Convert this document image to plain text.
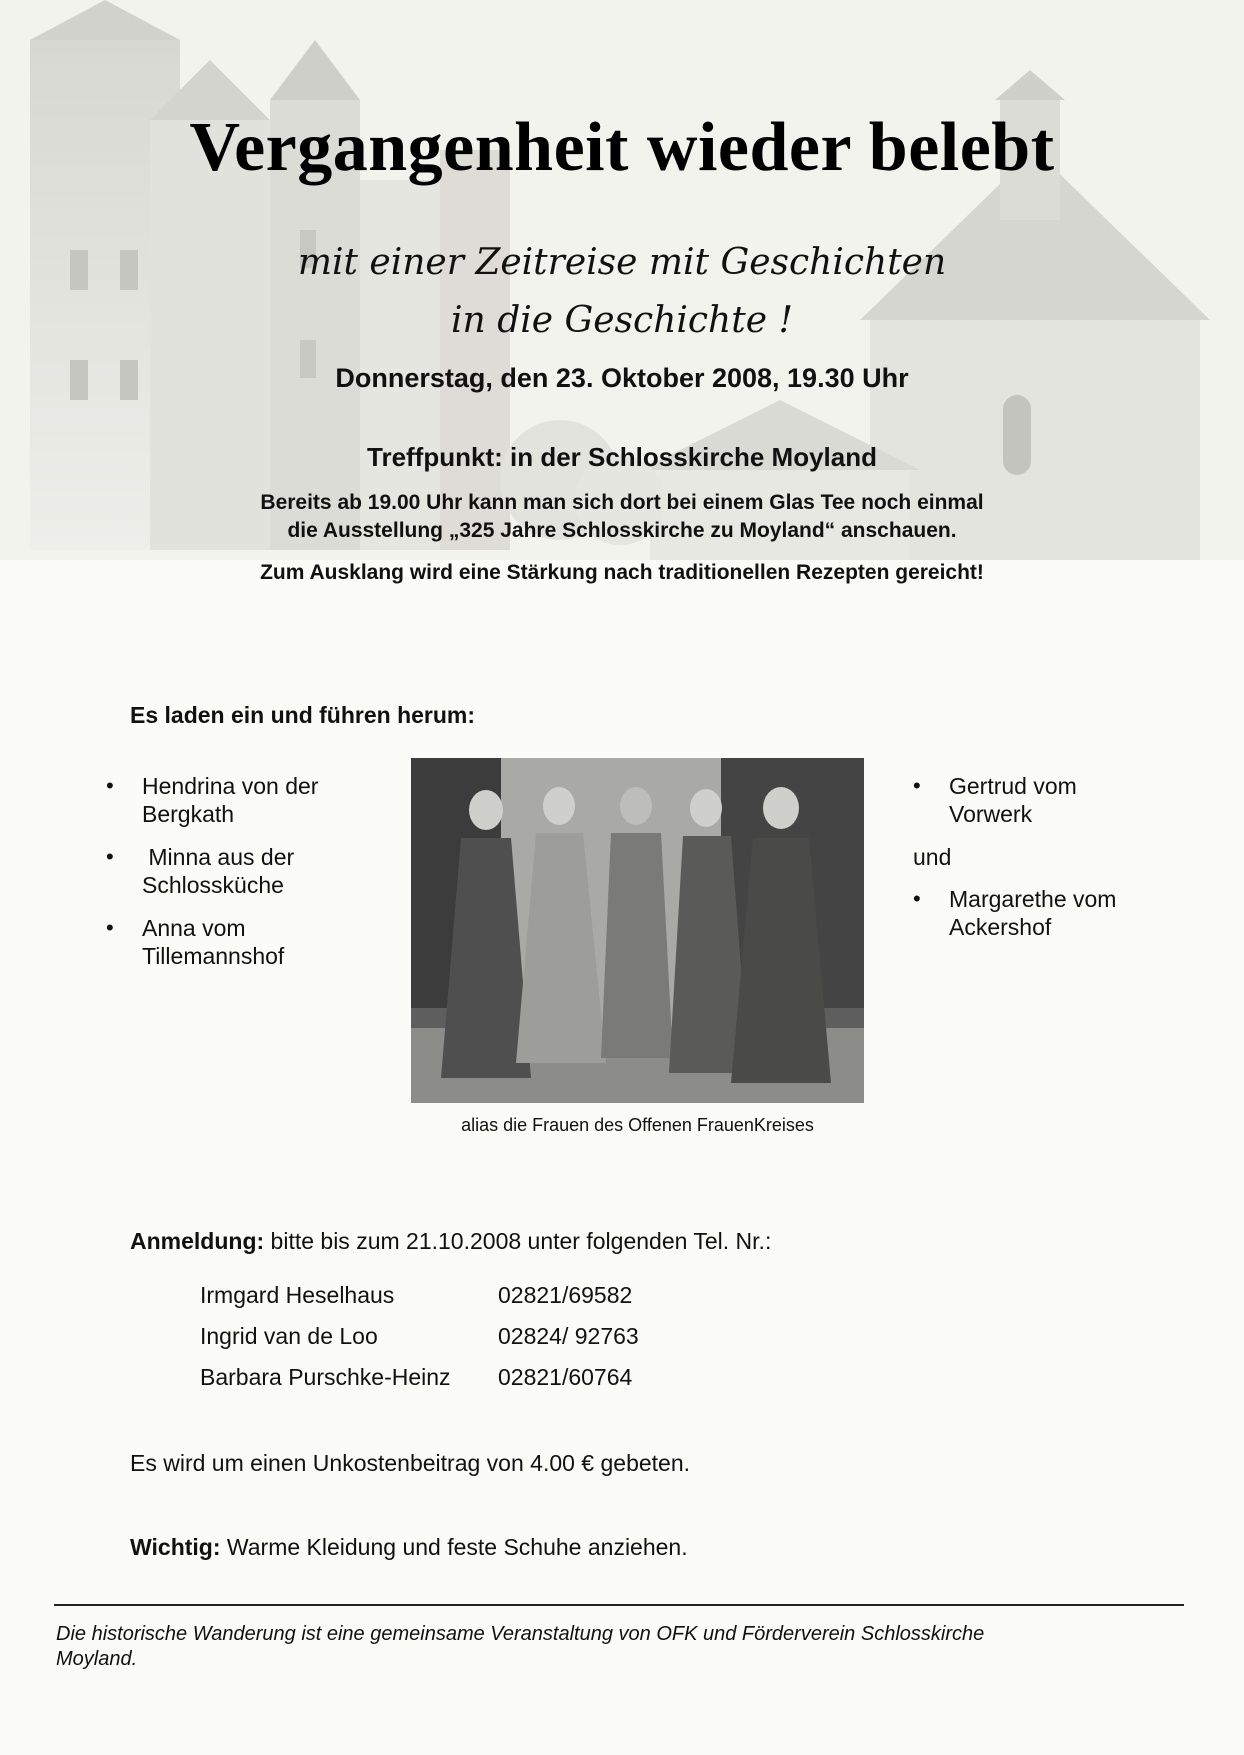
Vergangenheit wieder belebt
mit einer Zeitreise mit Geschichten
in die Geschichte !
Donnerstag, den 23. Oktober 2008, 19.30 Uhr
Treffpunkt: in der Schlosskirche Moyland
Bereits ab 19.00 Uhr kann man sich dort bei einem Glas Tee noch einmal
die Ausstellung „325 Jahre Schlosskirche zu Moyland“ anschauen.
Zum Ausklang wird eine Stärkung nach traditionellen Rezepten gereicht!
Es laden ein und führen herum:
• Hendrina von der
Bergkath
•  Minna aus der
Schlossküche
• Anna vom
Tillemannshof
alias die Frauen des Offenen FrauenKreises
• Gertrud vom
Vorwerk
und
• Margarethe vom
Ackershof
Anmeldung: bitte bis zum 21.10.2008 unter folgenden Tel. Nr.:
Irmgard Heselhaus	02821/69582
Ingrid van de Loo	02824/ 92763
Barbara Purschke-Heinz	02821/60764
Es wird um einen Unkostenbeitrag von 4.00 € gebeten.
Wichtig: Warme Kleidung und feste Schuhe anziehen.
Die historische Wanderung ist eine gemeinsame Veranstaltung von OFK und Förderverein Schlosskirche
Moyland.
